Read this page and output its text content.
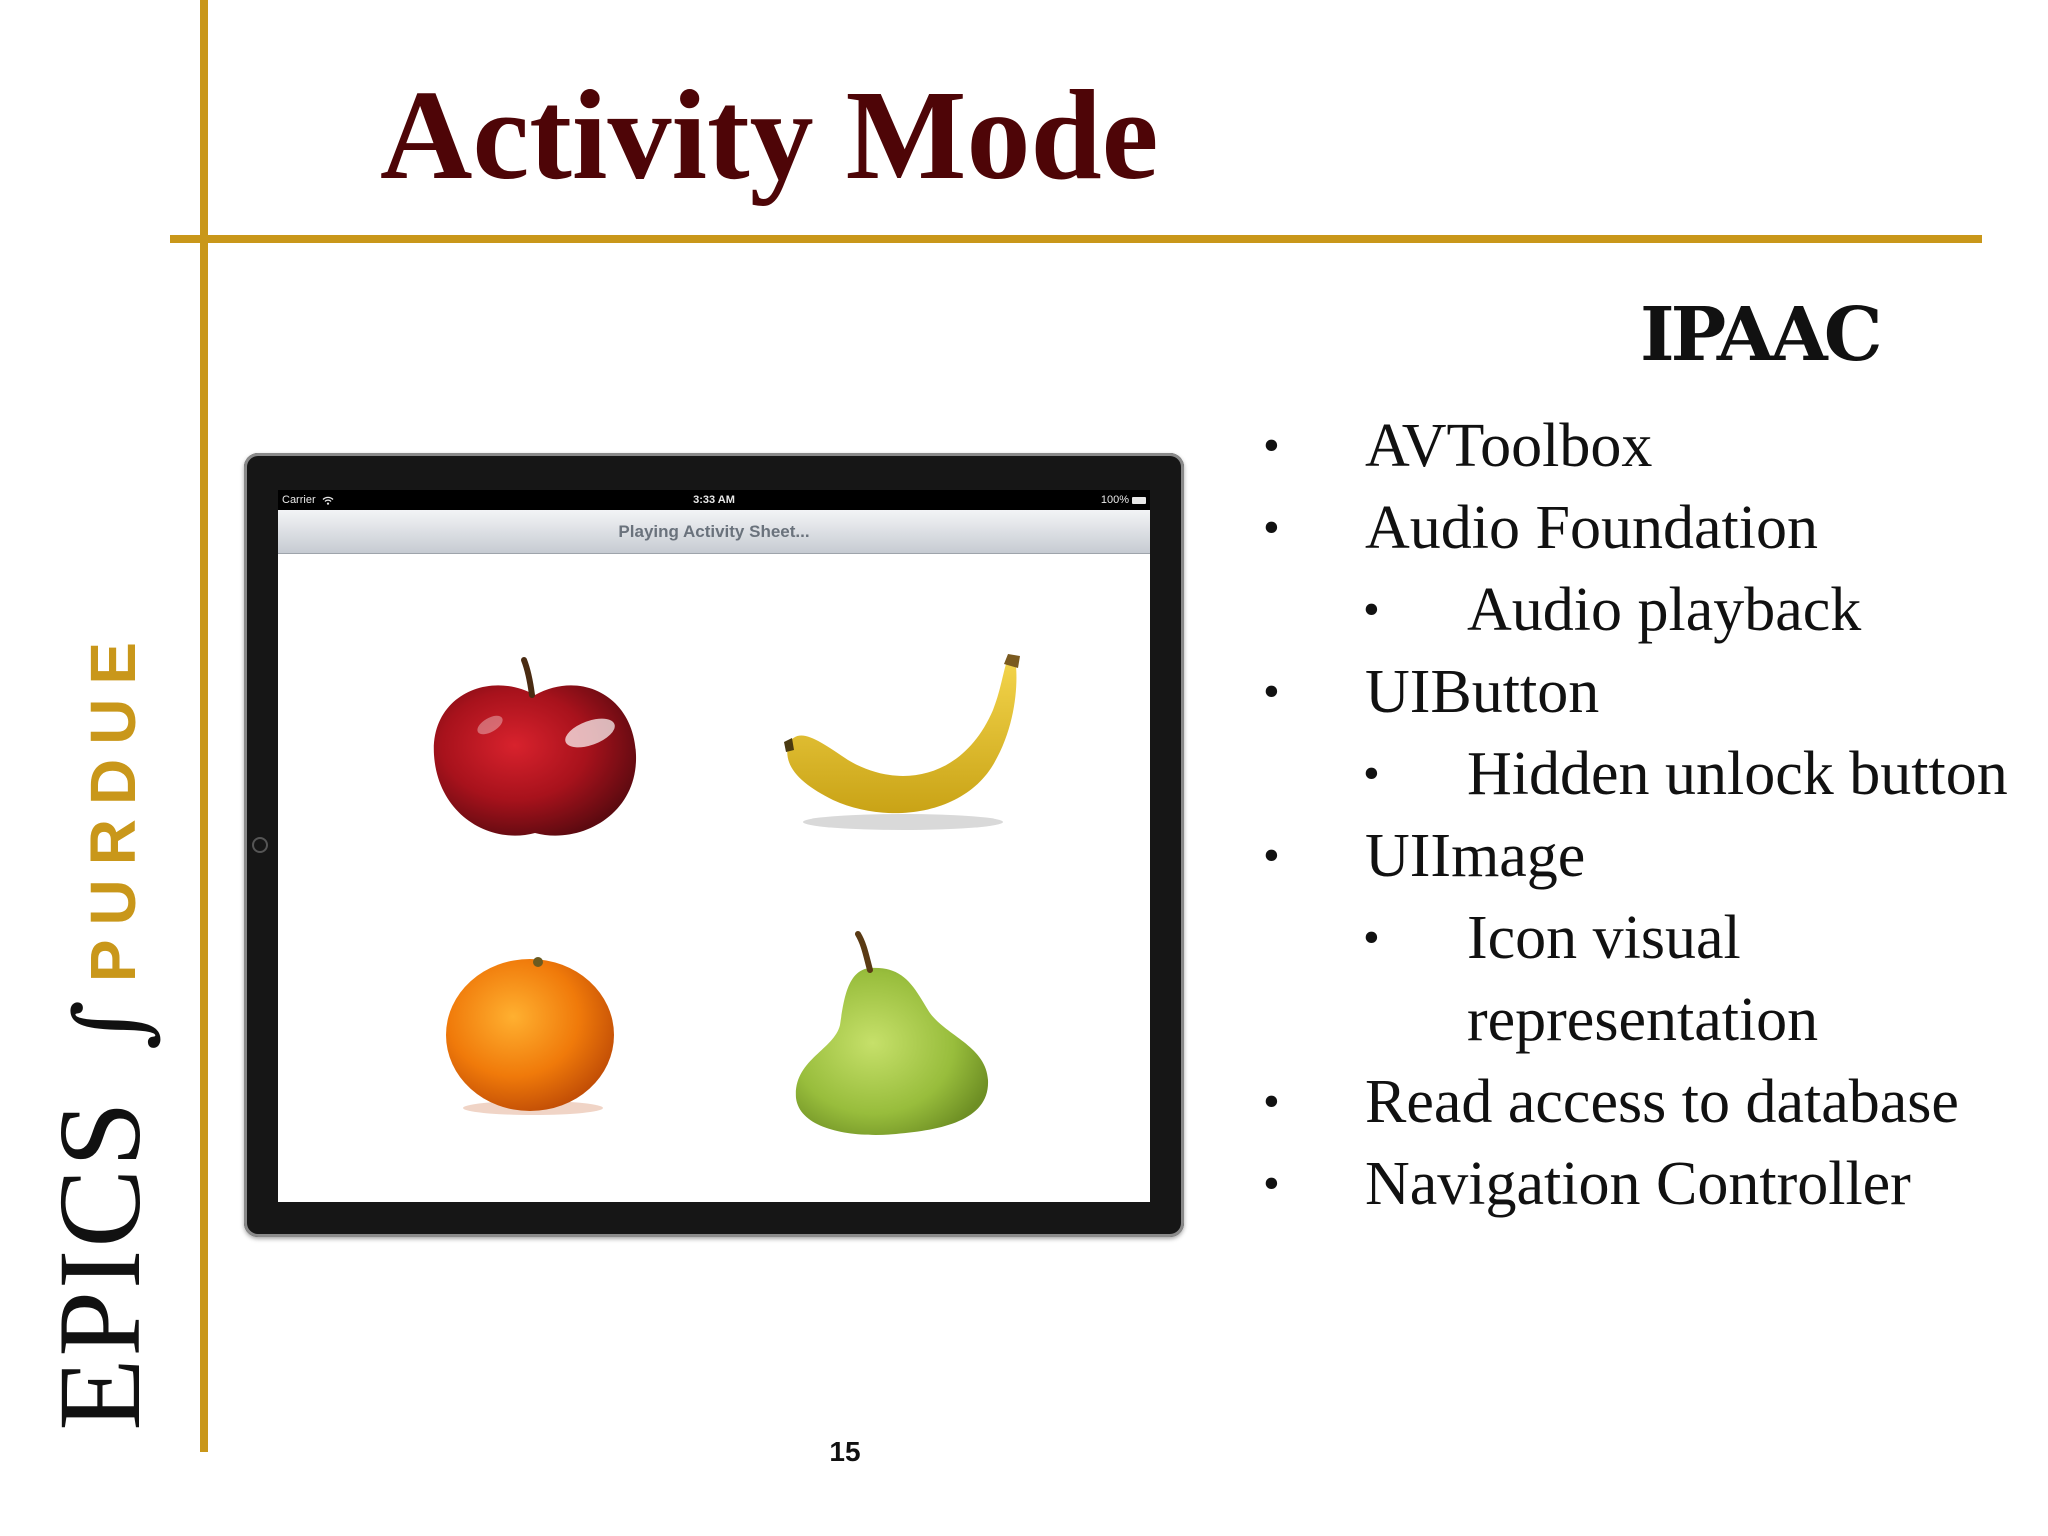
Activity Mode
IPAAC
PURDUE
∫
EPICS
Carrier	3:33 AM	100%
Playing Activity Sheet...
• AVToolbox
• Audio Foundation
• Audio playback
• UIButton
• Hidden unlock button
• UIImage
• Icon visual
representation
• Read access to database
• Navigation Controller
15
